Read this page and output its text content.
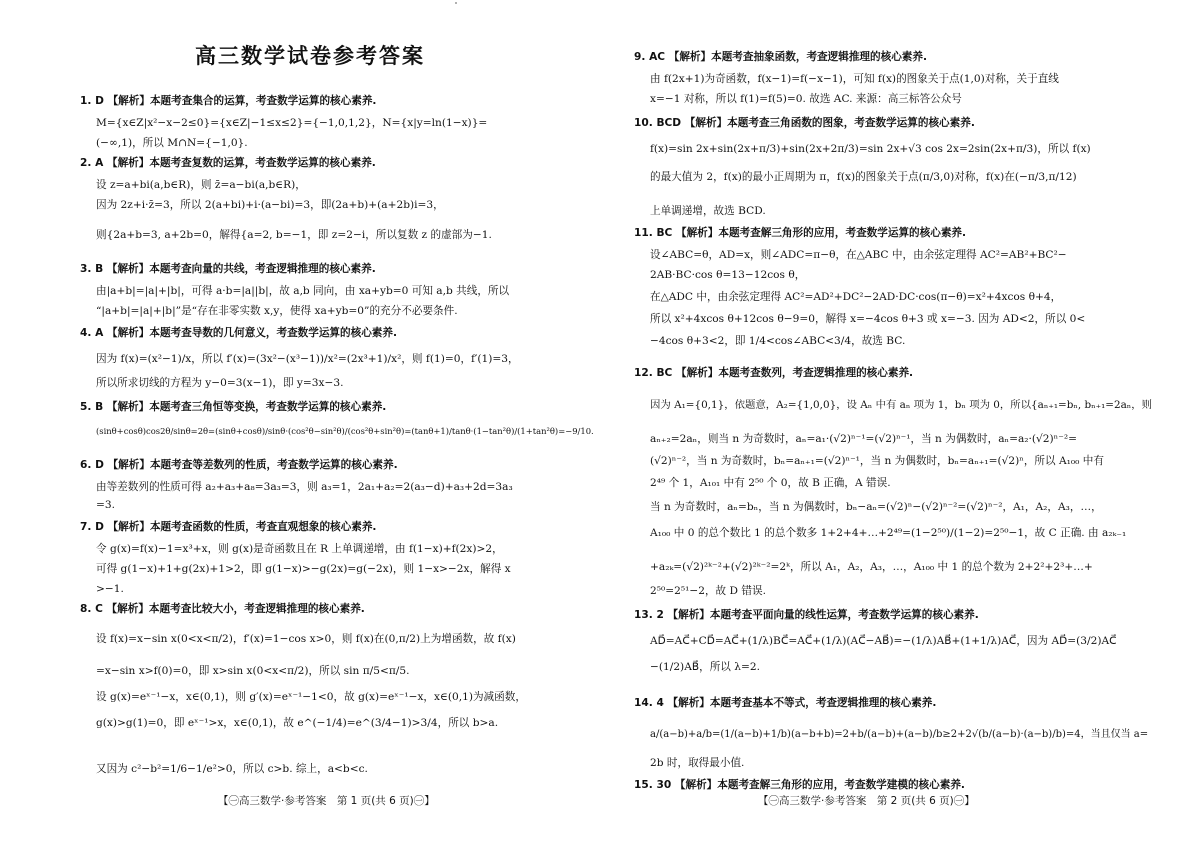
高三数学试卷参考答案
1. D 【解析】本题考查集合的运算，考查数学运算的核心素养.
M={x∈Z|x²−x−2≤0}={x∈Z|−1≤x≤2}={−1,0,1,2}，N={x|y=ln(1−x)}=
(−∞,1)，所以 M∩N={−1,0}.
2. A 【解析】本题考查复数的运算，考查数学运算的核心素养.
设 z=a+bi(a,b∈R)，则 z̄=a−bi(a,b∈R)，
因为 2z+i·z̄=3，所以 2(a+bi)+i·(a−bi)=3，即(2a+b)+(a+2b)i=3，
则{2a+b=3, a+2b=0，解得{a=2, b=−1，即 z=2−i，所以复数 z 的虚部为−1.
3. B 【解析】本题考查向量的共线，考查逻辑推理的核心素养.
由|a+b|=|a|+|b|，可得 a·b=|a||b|，故 a,b 同向，由 xa+yb=0 可知 a,b 共线，所以
“|a+b|=|a|+|b|”是“存在非零实数 x,y，使得 xa+yb=0”的充分不必要条件.
4. A 【解析】本题考查导数的几何意义，考查数学运算的核心素养.
因为 f(x)=(x²−1)/x，所以 f′(x)=(3x²−(x³−1))/x²=(2x³+1)/x²，则 f(1)=0，f′(1)=3，
所以所求切线的方程为 y−0=3(x−1)，即 y=3x−3.
5. B 【解析】本题考查三角恒等变换，考查数学运算的核心素养.
(sinθ+cosθ)cos2θ/sinθ=2θ=(sinθ+cosθ)/sinθ·(cos²θ−sin²θ)/(cos²θ+sin²θ)=(tanθ+1)/tanθ·(1−tan²θ)/(1+tan²θ)=−9/10.
6. D 【解析】本题考查等差数列的性质，考查数学运算的核心素养.
由等差数列的性质可得 a₂+a₃+a₈=3a₃=3，则 a₃=1，2a₁+a₂=2(a₃−d)+a₃+2d=3a₃
=3.
7. D 【解析】本题考查函数的性质，考查直观想象的核心素养.
令 g(x)=f(x)−1=x³+x，则 g(x)是奇函数且在 R 上单调递增，由 f(1−x)+f(2x)>2，
可得 g(1−x)+1+g(2x)+1>2，即 g(1−x)>−g(2x)=g(−2x)，则 1−x>−2x，解得 x
>−1.
8. C 【解析】本题考查比较大小，考查逻辑推理的核心素养.
设 f(x)=x−sin x(0<x<π/2)，f′(x)=1−cos x>0，则 f(x)在(0,π/2)上为增函数，故 f(x)
=x−sin x>f(0)=0，即 x>sin x(0<x<π/2)，所以 sin π/5<π/5.
设 g(x)=eˣ⁻¹−x，x∈(0,1)，则 g′(x)=eˣ⁻¹−1<0，故 g(x)=eˣ⁻¹−x，x∈(0,1)为减函数，
g(x)>g(1)=0，即 eˣ⁻¹>x，x∈(0,1)，故 e^(−1/4)=e^(3/4−1)>3/4，所以 b>a.
又因为 c²−b²=1/6−1/e²>0，所以 c>b. 综上，a<b<c.
9. AC 【解析】本题考查抽象函数，考查逻辑推理的核心素养.
由 f(2x+1)为奇函数，f(x−1)=f(−x−1)，可知 f(x)的图象关于点(1,0)对称，关于直线
x=−1 对称，所以 f(1)=f(5)=0. 故选 AC. 来源：高三标答公众号
10. BCD 【解析】本题考查三角函数的图象，考查数学运算的核心素养.
f(x)=sin 2x+sin(2x+π/3)+sin(2x+2π/3)=sin 2x+√3 cos 2x=2sin(2x+π/3)，所以 f(x)
的最大值为 2，f(x)的最小正周期为 π，f(x)的图象关于点(π/3,0)对称，f(x)在(−π/3,π/12)
上单调递增，故选 BCD.
11. BC 【解析】本题考查解三角形的应用，考查数学运算的核心素养.
设∠ABC=θ，AD=x，则∠ADC=π−θ，在△ABC 中，由余弦定理得 AC²=AB²+BC²−
2AB·BC·cos θ=13−12cos θ，
在△ADC 中，由余弦定理得 AC²=AD²+DC²−2AD·DC·cos(π−θ)=x²+4xcos θ+4，
所以 x²+4xcos θ+12cos θ−9=0，解得 x=−4cos θ+3 或 x=−3. 因为 AD<2，所以 0<
−4cos θ+3<2，即 1/4<cos∠ABC<3/4，故选 BC.
12. BC 【解析】本题考查数列，考查逻辑推理的核心素养.
因为 A₁={0,1}，依题意，A₂={1,0,0}，设 Aₙ 中有 aₙ 项为 1，bₙ 项为 0，所以{aₙ₊₁=bₙ, bₙ₊₁=2aₙ，则
aₙ₊₂=2aₙ，则当 n 为奇数时，aₙ=a₁·(√2)ⁿ⁻¹=(√2)ⁿ⁻¹，当 n 为偶数时，aₙ=a₂·(√2)ⁿ⁻²=
(√2)ⁿ⁻²，当 n 为奇数时，bₙ=aₙ₊₁=(√2)ⁿ⁻¹，当 n 为偶数时，bₙ=aₙ₊₁=(√2)ⁿ，所以 A₁₀₀ 中有
2⁴⁹ 个 1，A₁₀₁ 中有 2⁵⁰ 个 0，故 B 正确，A 错误.
当 n 为奇数时，aₙ=bₙ，当 n 为偶数时，bₙ−aₙ=(√2)ⁿ−(√2)ⁿ⁻²=(√2)ⁿ⁻²，A₁，A₂，A₃，…，
A₁₀₀ 中 0 的总个数比 1 的总个数多 1+2+4+…+2⁴⁹=(1−2⁵⁰)/(1−2)=2⁵⁰−1，故 C 正确. 由 a₂ₖ₋₁
+a₂ₖ=(√2)²ᵏ⁻²+(√2)²ᵏ⁻²=2ᵏ，所以 A₁，A₂，A₃，…，A₁₀₀ 中 1 的总个数为 2+2²+2³+…+
2⁵⁰=2⁵¹−2，故 D 错误.
13. 2 【解析】本题考查平面向量的线性运算，考查数学运算的核心素养.
AD⃗=AC⃗+CD⃗=AC⃗+(1/λ)BC⃗=AC⃗+(1/λ)(AC⃗−AB⃗)=−(1/λ)AB⃗+(1+1/λ)AC⃗，因为 AD⃗=(3/2)AC⃗
−(1/2)AB⃗，所以 λ=2.
14. 4 【解析】本题考查基本不等式，考查逻辑推理的核心素养.
a/(a−b)+a/b=(1/(a−b)+1/b)(a−b+b)=2+b/(a−b)+(a−b)/b≥2+2√(b/(a−b)·(a−b)/b)=4，当且仅当 a=
2b 时，取得最小值.
15. 30 【解析】本题考查解三角形的应用，考查数学建模的核心素养.
【㊀高三数学·参考答案　第 1 页(共 6 页)㊀】	【㊀高三数学·参考答案　第 2 页(共 6 页)㊀】
